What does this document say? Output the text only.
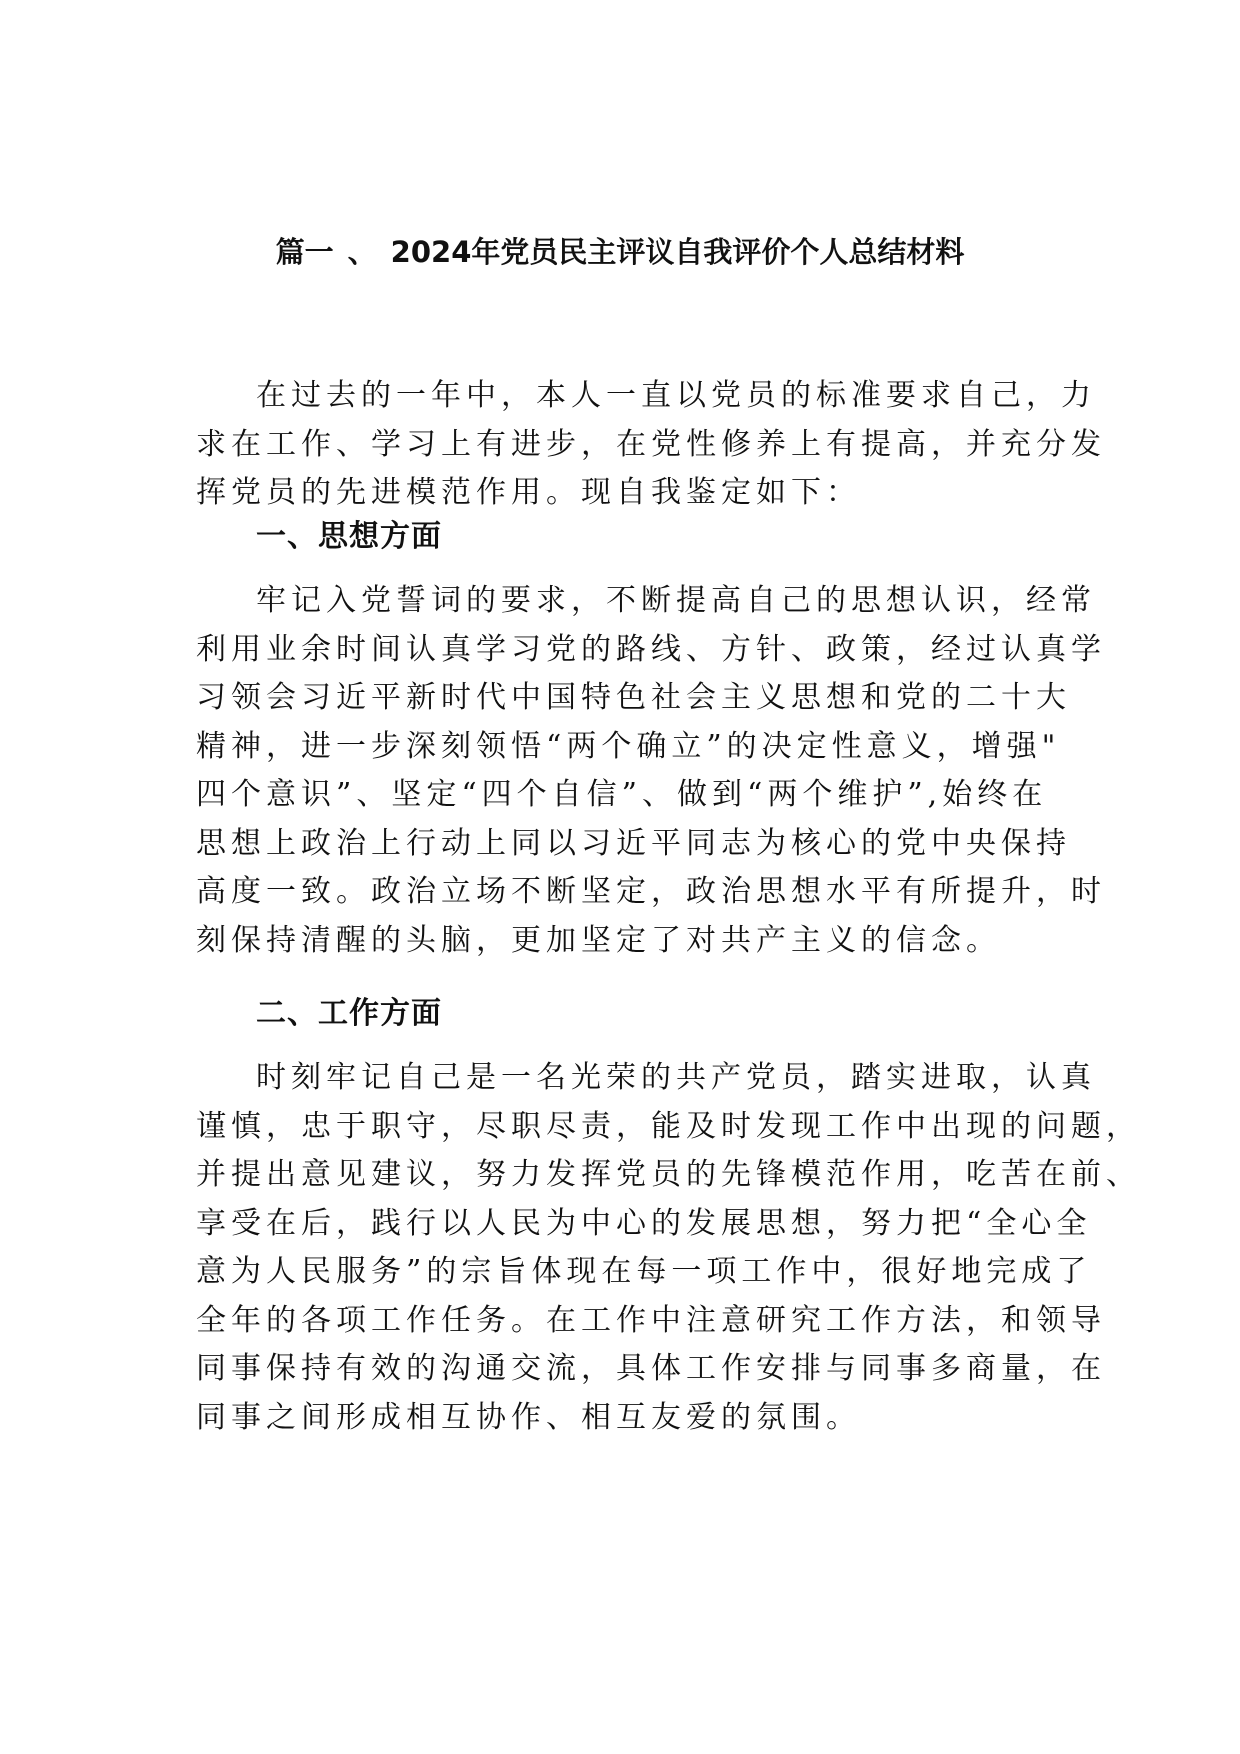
篇一 、 2024年党员民主评议自我评价个人总结材料
在过去的一年中，本人一直以党员的标准要求自己，力
求在工作、学习上有进步，在党性修养上有提高，并充分发
挥党员的先进模范作用。现自我鉴定如下：
一、思想方面
牢记入党誓词的要求，不断提高自己的思想认识，经常
利用业余时间认真学习党的路线、方针、政策，经过认真学
习领会习近平新时代中国特色社会主义思想和党的二十大
精神，进一步深刻领悟“两个确立”的决定性意义，增强"
四个意识”、坚定“四个自信”、做到“两个维护”,始终在
思想上政治上行动上同以习近平同志为核心的党中央保持
高度一致。政治立场不断坚定，政治思想水平有所提升，时
刻保持清醒的头脑，更加坚定了对共产主义的信念。
二、工作方面
时刻牢记自己是一名光荣的共产党员，踏实进取，认真
谨慎，忠于职守，尽职尽责，能及时发现工作中出现的问题，
并提出意见建议，努力发挥党员的先锋模范作用，吃苦在前、
享受在后，践行以人民为中心的发展思想，努力把“全心全
意为人民服务”的宗旨体现在每一项工作中，很好地完成了
全年的各项工作任务。在工作中注意研究工作方法，和领导
同事保持有效的沟通交流，具体工作安排与同事多商量，在
同事之间形成相互协作、相互友爱的氛围。
